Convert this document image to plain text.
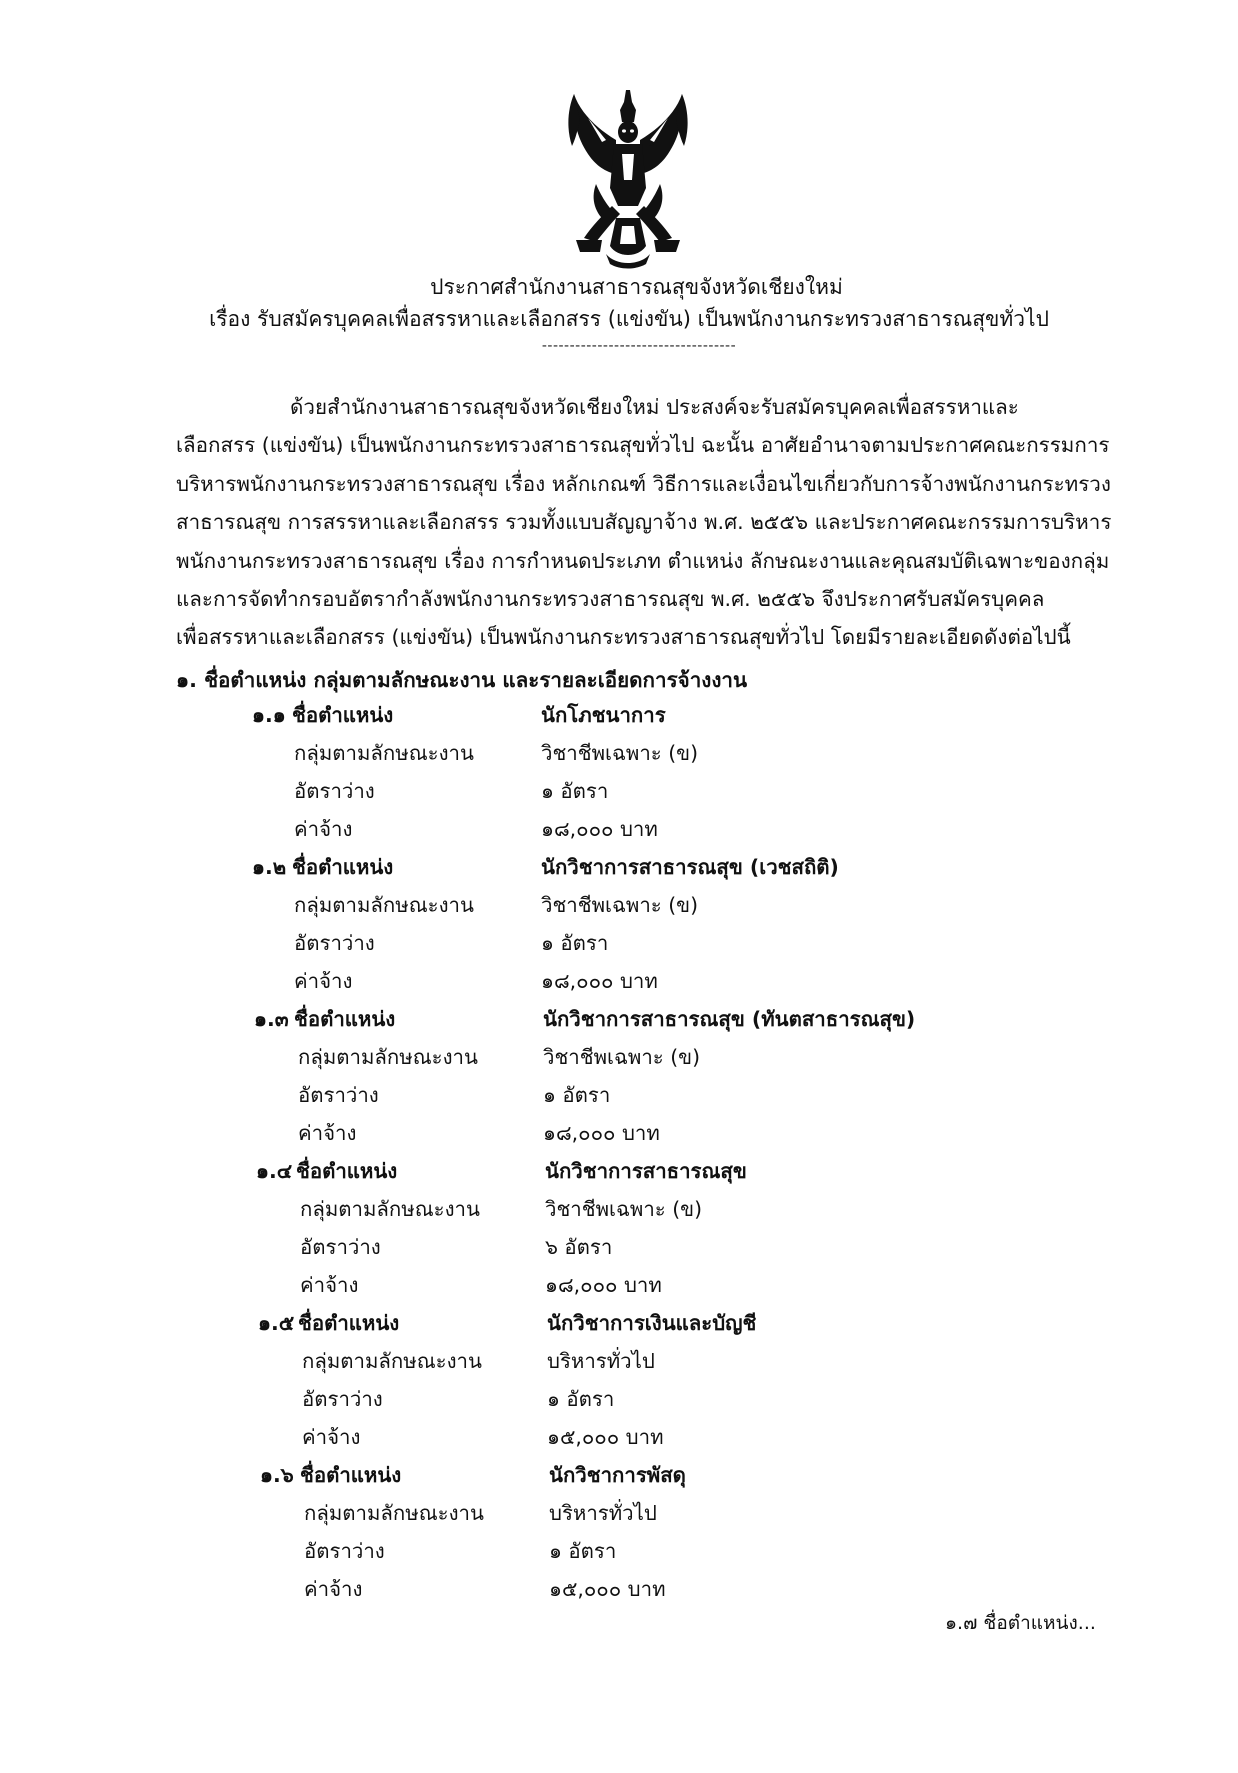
ประกาศสำนักงานสาธารณสุขจังหวัดเชียงใหม่
เรื่อง รับสมัครบุคคลเพื่อสรรหาและเลือกสรร (แข่งขัน) เป็นพนักงานกระทรวงสาธารณสุขทั่วไป
-----------------------------------
ด้วยสำนักงานสาธารณสุขจังหวัดเชียงใหม่ ประสงค์จะรับสมัครบุคคลเพื่อสรรหาและ
เลือกสรร (แข่งขัน) เป็นพนักงานกระทรวงสาธารณสุขทั่วไป ฉะนั้น อาศัยอำนาจตามประกาศคณะกรรมการ
บริหารพนักงานกระทรวงสาธารณสุข เรื่อง หลักเกณฑ์ วิธีการและเงื่อนไขเกี่ยวกับการจ้างพนักงานกระทรวง
สาธารณสุข การสรรหาและเลือกสรร รวมทั้งแบบสัญญาจ้าง พ.ศ. ๒๕๕๖ และประกาศคณะกรรมการบริหาร
พนักงานกระทรวงสาธารณสุข เรื่อง การกำหนดประเภท ตำแหน่ง ลักษณะงานและคุณสมบัติเฉพาะของกลุ่ม
และการจัดทำกรอบอัตรากำลังพนักงานกระทรวงสาธารณสุข พ.ศ. ๒๕๕๖ จึงประกาศรับสมัครบุคคล
เพื่อสรรหาและเลือกสรร (แข่งขัน) เป็นพนักงานกระทรวงสาธารณสุขทั่วไป โดยมีรายละเอียดดังต่อไปนี้
๑. ชื่อตำแหน่ง กลุ่มตามลักษณะงาน และรายละเอียดการจ้างงาน
๑.๑ ชื่อตำแหน่ง	นักโภชนาการ
กลุ่มตามลักษณะงาน	วิชาชีพเฉพาะ (ข)
อัตราว่าง	๑ อัตรา
ค่าจ้าง	๑๘,๐๐๐ บาท
๑.๒ ชื่อตำแหน่ง	นักวิชาการสาธารณสุข (เวชสถิติ)
กลุ่มตามลักษณะงาน	วิชาชีพเฉพาะ (ข)
อัตราว่าง	๑ อัตรา
ค่าจ้าง	๑๘,๐๐๐ บาท
๑.๓ ชื่อตำแหน่ง	นักวิชาการสาธารณสุข (ทันตสาธารณสุข)
กลุ่มตามลักษณะงาน	วิชาชีพเฉพาะ (ข)
อัตราว่าง	๑ อัตรา
ค่าจ้าง	๑๘,๐๐๐ บาท
๑.๔ ชื่อตำแหน่ง	นักวิชาการสาธารณสุข
กลุ่มตามลักษณะงาน	วิชาชีพเฉพาะ (ข)
อัตราว่าง	๖ อัตรา
ค่าจ้าง	๑๘,๐๐๐ บาท
๑.๕ ชื่อตำแหน่ง	นักวิชาการเงินและบัญชี
กลุ่มตามลักษณะงาน	บริหารทั่วไป
อัตราว่าง	๑ อัตรา
ค่าจ้าง	๑๕,๐๐๐ บาท
๑.๖ ชื่อตำแหน่ง	นักวิชาการพัสดุ
กลุ่มตามลักษณะงาน	บริหารทั่วไป
อัตราว่าง	๑ อัตรา
ค่าจ้าง	๑๕,๐๐๐ บาท
๑.๗ ชื่อตำแหน่ง...
